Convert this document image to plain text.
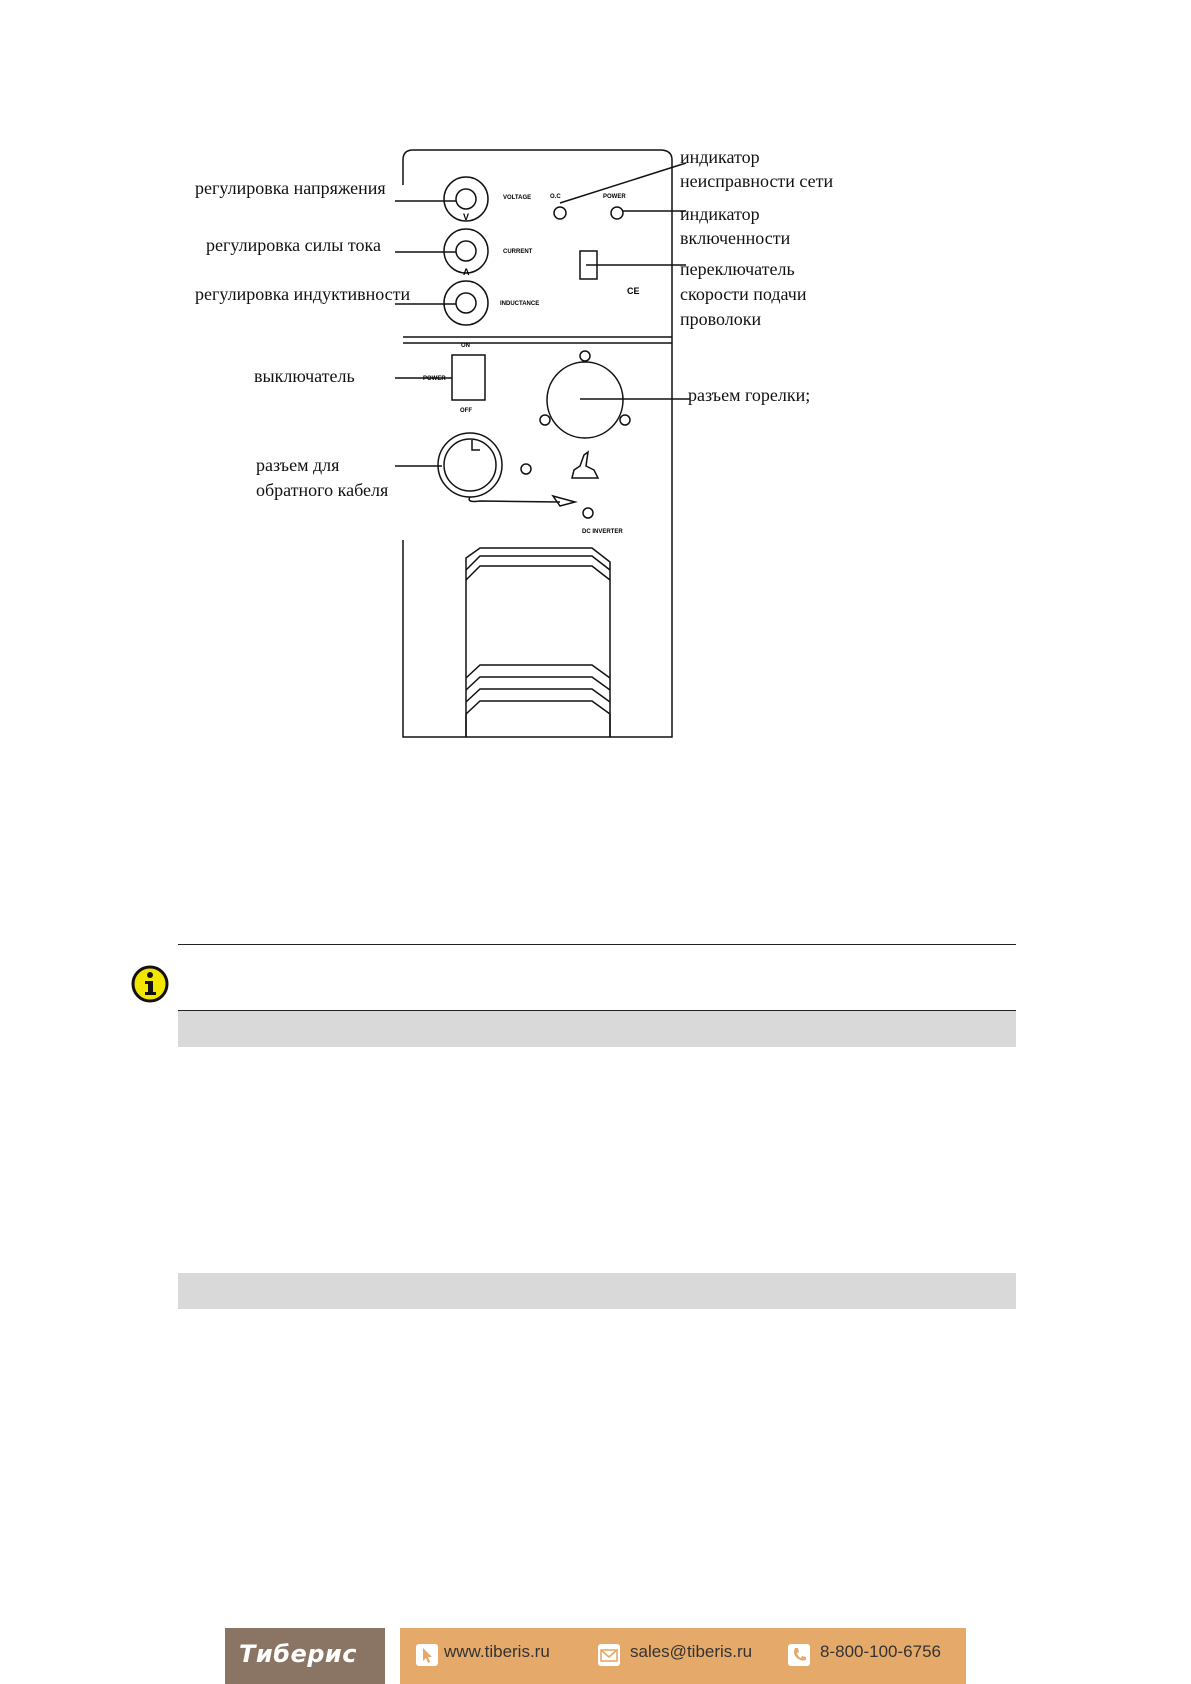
VOLTAGE
CURRENT
INDUCTANCE
V
A
O.C	POWER
CE
ON
OFF
POWER
DC INVERTER
регулировка напряжения
регулировка силы тока
регулировка индуктивности
выключатель
разъем для
обратного кабеля
индикатор
неисправности сети
индикатор
включенности
переключатель
скорости подачи
проволоки
разъем горелки;
Тиберис	www.tiberis.ru	sales@tiberis.ru	8-800-100-6756
